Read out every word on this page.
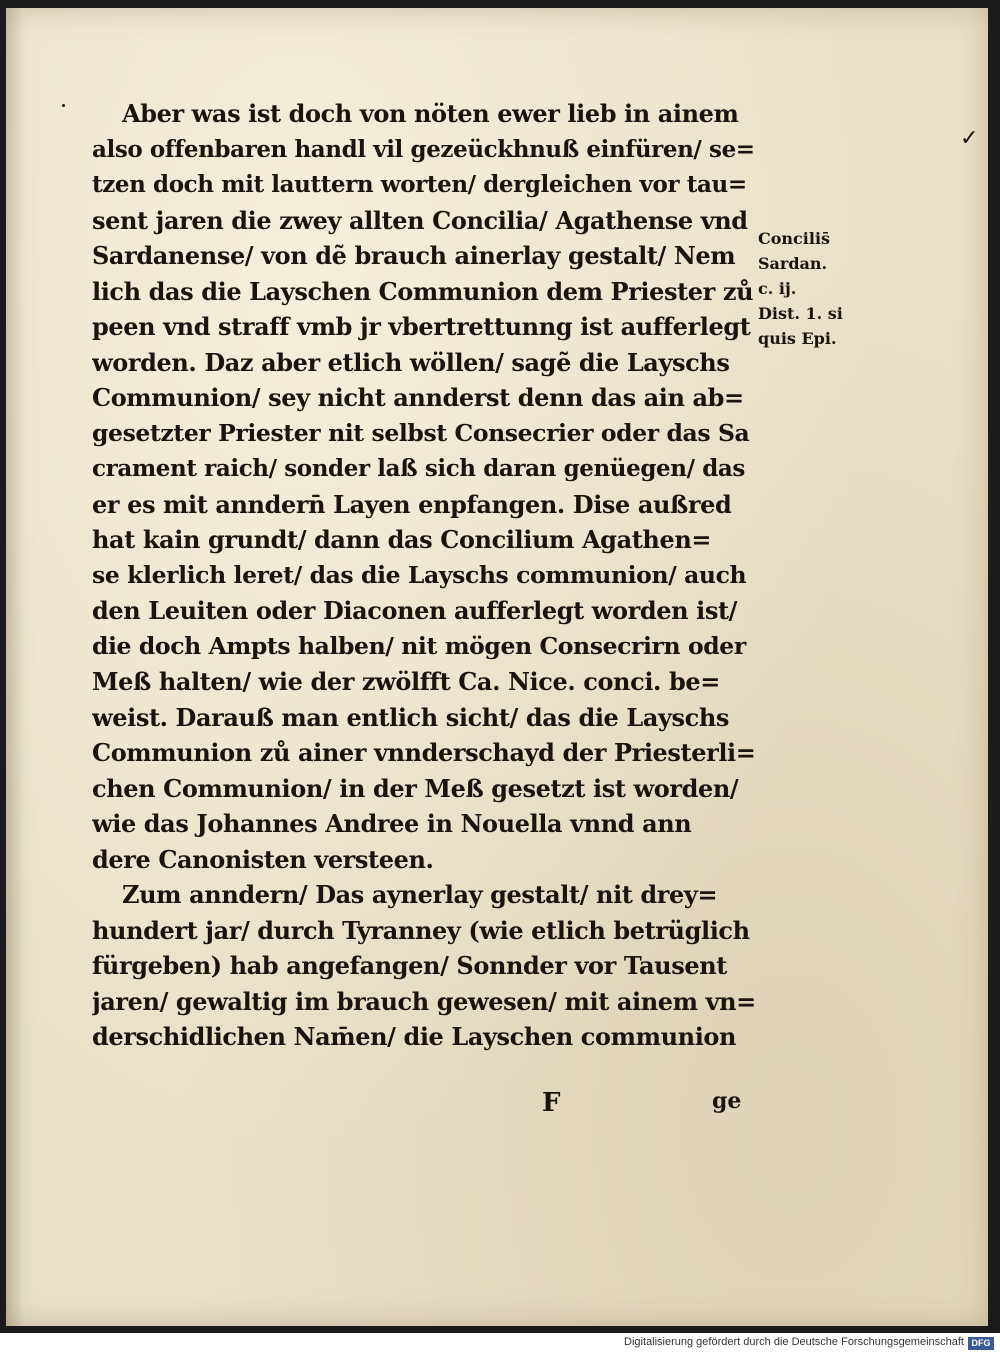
Aber was ist doch von nöten ewer lieb in ainem
also offenbaren handl vil gezeückhnuß einfüren/ se=
tzen doch mit lauttern worten/ dergleichen vor tau=
sent jaren die zwey allten Concilia/ Agathense vnd
Sardanense/ von dẽ brauch ainerlay gestalt/ Nem
lich das die Layschen Communion dem Priester zů
peen vnd straff vmb jr vbertrettunng ist aufferlegt
worden. Daz aber etlich wöllen/ sagẽ die Layschs
Communion/ sey nicht annderst denn das ain ab=
gesetzter Priester nit selbst Consecrier oder das Sa
crament raich/ sonder laß sich daran genüegen/ das
er es mit anndern̄ Layen enpfangen. Dise außred
hat kain grundt/ dann das Concilium Agathen=
se klerlich leret/ das die Layschs communion/ auch
den Leuiten oder Diaconen aufferlegt worden ist/
die doch Ampts halben/ nit mögen Consecrirn oder
Meß halten/ wie der zwölfft Ca. Nice. conci. be=
weist. Darauß man entlich sicht/ das die Layschs
Communion zů ainer vnnderschayd der Priesterli=
chen Communion/ in der Meß gesetzt ist worden/
wie das Johannes Andree in Nouella vnnd ann
dere Canonisten versteen.
Zum anndern/ Das aynerlay gestalt/ nit drey=
hundert jar/ durch Tyranney (wie etlich betrüglich
fürgeben) hab angefangen/ Sonnder vor Tausent
jaren/ gewaltig im brauch gewesen/ mit ainem vn=
derschidlichen Nam̄en/ die Layschen communion
Concilis̄
Sardan.
c. ij.
Dist. 1. si
quis Epi.
F	ge
✓
Digitalisierung gefördert durch die Deutsche Forschungsgemeinschaft DFG
